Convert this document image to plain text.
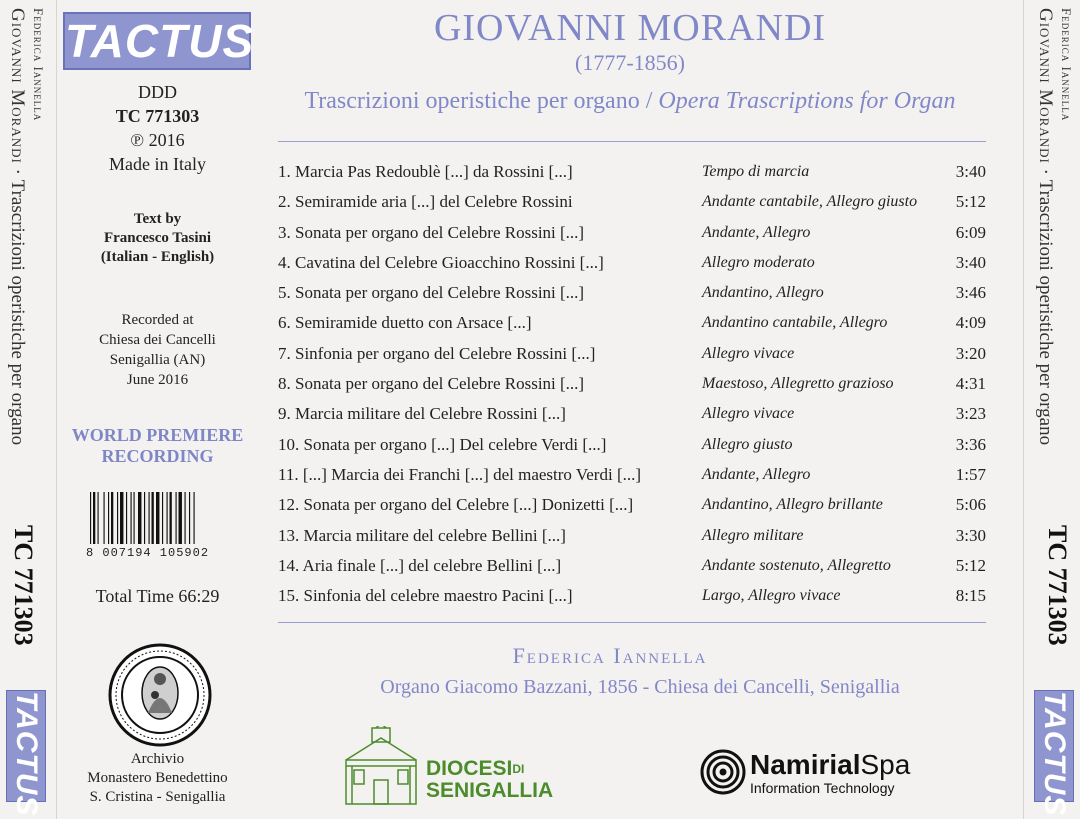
Giovanni Morandi · Trascrizioni operistiche per organo
Federica Iannella
TC 771303
TACTUS
Giovanni Morandi · Trascrizioni operistiche per organo
Federica Iannella
TC 771303
TACTUS
TACTUS
DDD
TC 771303
℗ 2016
Made in Italy
Text by
Francesco Tasini
(Italian - English)
Recorded at
Chiesa dei Cancelli
Senigallia (AN)
June 2016
WORLD PREMIERE
RECORDING
8 007194 105902
Total Time 66:29
Archivio
Monastero Benedettino
S. Cristina - Senigallia
GIOVANNI MORANDI
(1777-1856)
Trascrizioni operistiche per organo / Opera Trascriptions for Organ
1. Marcia Pas Redoublè [...] da Rossini [...]	Tempo di marcia	3:40
2. Semiramide aria [...] del Celebre Rossini	Andante cantabile, Allegro giusto 5:12
3. Sonata per organo del Celebre Rossini [...]	Andante, Allegro	6:09
4. Cavatina del Celebre Gioacchino Rossini [...]	Allegro moderato	3:40
5. Sonata per organo del Celebre Rossini [...]	Andantino, Allegro	3:46
6. Semiramide duetto con Arsace [...]	Andantino cantabile, Allegro	4:09
7. Sinfonia per organo del Celebre Rossini [...]	Allegro vivace	3:20
8. Sonata per organo del Celebre Rossini [...]	Maestoso, Allegretto grazioso	4:31
9. Marcia militare del Celebre Rossini [...]	Allegro vivace	3:23
10. Sonata per organo [...] Del celebre Verdi [...]	Allegro giusto	3:36
11. [...] Marcia dei Franchi [...] del maestro Verdi [...]	Andante, Allegro	1:57
12. Sonata per organo del Celebre [...] Donizetti [...]	Andantino, Allegro brillante	5:06
13. Marcia militare del celebre Bellini [...]	Allegro militare	3:30
14. Aria finale [...] del celebre Bellini [...]	Andante sostenuto, Allegretto	5:12
15. Sinfonia del celebre maestro Pacini [...]	Largo, Allegro vivace	8:15
Federica Iannella
Organo Giacomo Bazzani, 1856 - Chiesa dei Cancelli, Senigallia
$DIOCESI^{DI}$
SENIGALLIA
NamirialSpa
Information Technology
